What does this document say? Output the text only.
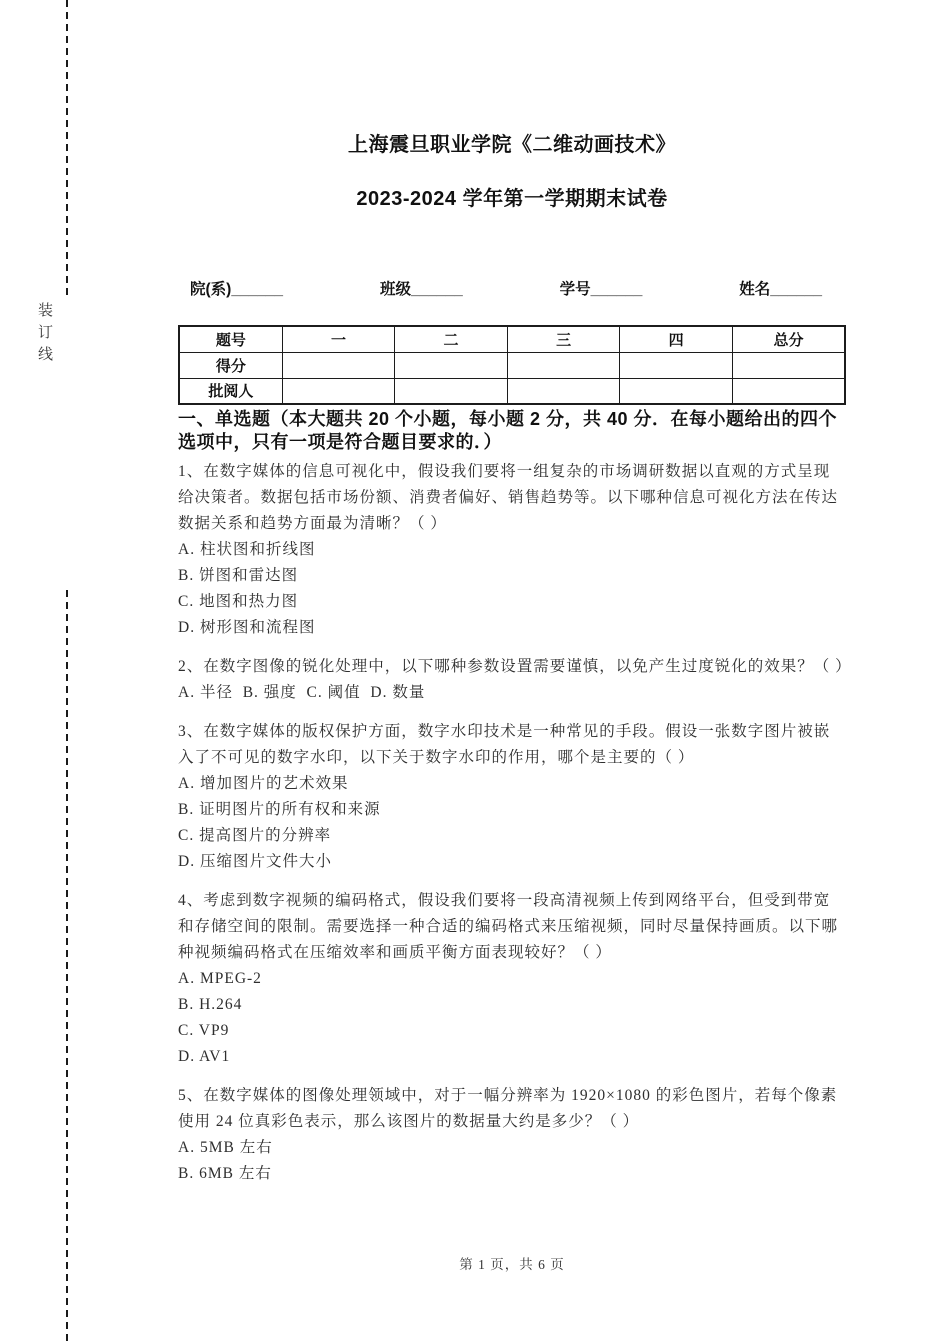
装订线
上海震旦职业学院《二维动画技术》
2023-2024 学年第一学期期末试卷
院(系)______	班级______	学号______	姓名______
题号	一	二	三	四	总分
得分					
批阅人					
一、单选题（本大题共 20 个小题，每小题 2 分，共 40 分．在每小题给出的四个选项中，只有一项是符合题目要求的．）
1、在数字媒体的信息可视化中，假设我们要将一组复杂的市场调研数据以直观的方式呈现给决策者。数据包括市场份额、消费者偏好、销售趋势等。以下哪种信息可视化方法在传达数据关系和趋势方面最为清晰？（ ）
A. 柱状图和折线图
B. 饼图和雷达图
C. 地图和热力图
D. 树形图和流程图
2、在数字图像的锐化处理中，以下哪种参数设置需要谨慎，以免产生过度锐化的效果？（ ）
A. 半径  B. 强度  C. 阈值  D. 数量
3、在数字媒体的版权保护方面，数字水印技术是一种常见的手段。假设一张数字图片被嵌入了不可见的数字水印，以下关于数字水印的作用，哪个是主要的（ ）
A. 增加图片的艺术效果
B. 证明图片的所有权和来源
C. 提高图片的分辨率
D. 压缩图片文件大小
4、考虑到数字视频的编码格式，假设我们要将一段高清视频上传到网络平台，但受到带宽和存储空间的限制。需要选择一种合适的编码格式来压缩视频，同时尽量保持画质。以下哪种视频编码格式在压缩效率和画质平衡方面表现较好？（ ）
A. MPEG-2
B. H.264
C. VP9
D. AV1
5、在数字媒体的图像处理领域中，对于一幅分辨率为 1920×1080 的彩色图片，若每个像素使用 24 位真彩色表示，那么该图片的数据量大约是多少？（ ）
A. 5MB 左右
B. 6MB 左右
第 1 页，共 6 页
